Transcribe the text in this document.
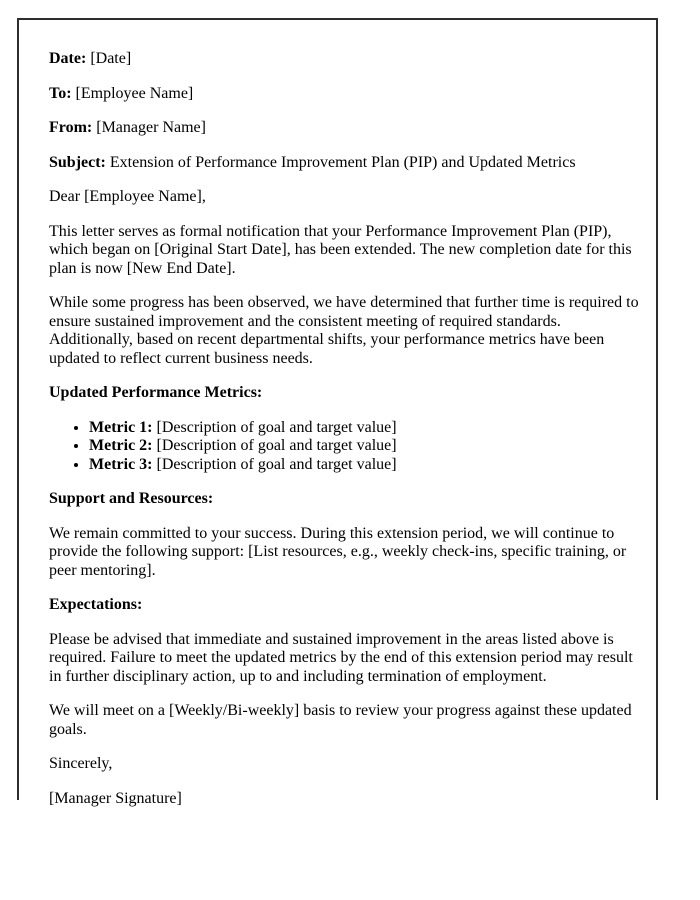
Date: [Date]

To: [Employee Name]

From: [Manager Name]

Subject: Extension of Performance Improvement Plan (PIP) and Updated Metrics

Dear [Employee Name],

This letter serves as formal notification that your Performance Improvement Plan (PIP), which began on [Original Start Date], has been extended. The new completion date for this plan is now [New End Date].

While some progress has been observed, we have determined that further time is required to ensure sustained improvement and the consistent meeting of required standards. Additionally, based on recent departmental shifts, your performance metrics have been updated to reflect current business needs.

Updated Performance Metrics:

• Metric 1: [Description of goal and target value]
• Metric 2: [Description of goal and target value]
• Metric 3: [Description of goal and target value]

Support and Resources:

We remain committed to your success. During this extension period, we will continue to provide the following support: [List resources, e.g., weekly check-ins, specific training, or peer mentoring].

Expectations:

Please be advised that immediate and sustained improvement in the areas listed above is required. Failure to meet the updated metrics by the end of this extension period may result in further disciplinary action, up to and including termination of employment.

We will meet on a [Weekly/Bi-weekly] basis to review your progress against these updated goals.

Sincerely,

[Manager Signature]
